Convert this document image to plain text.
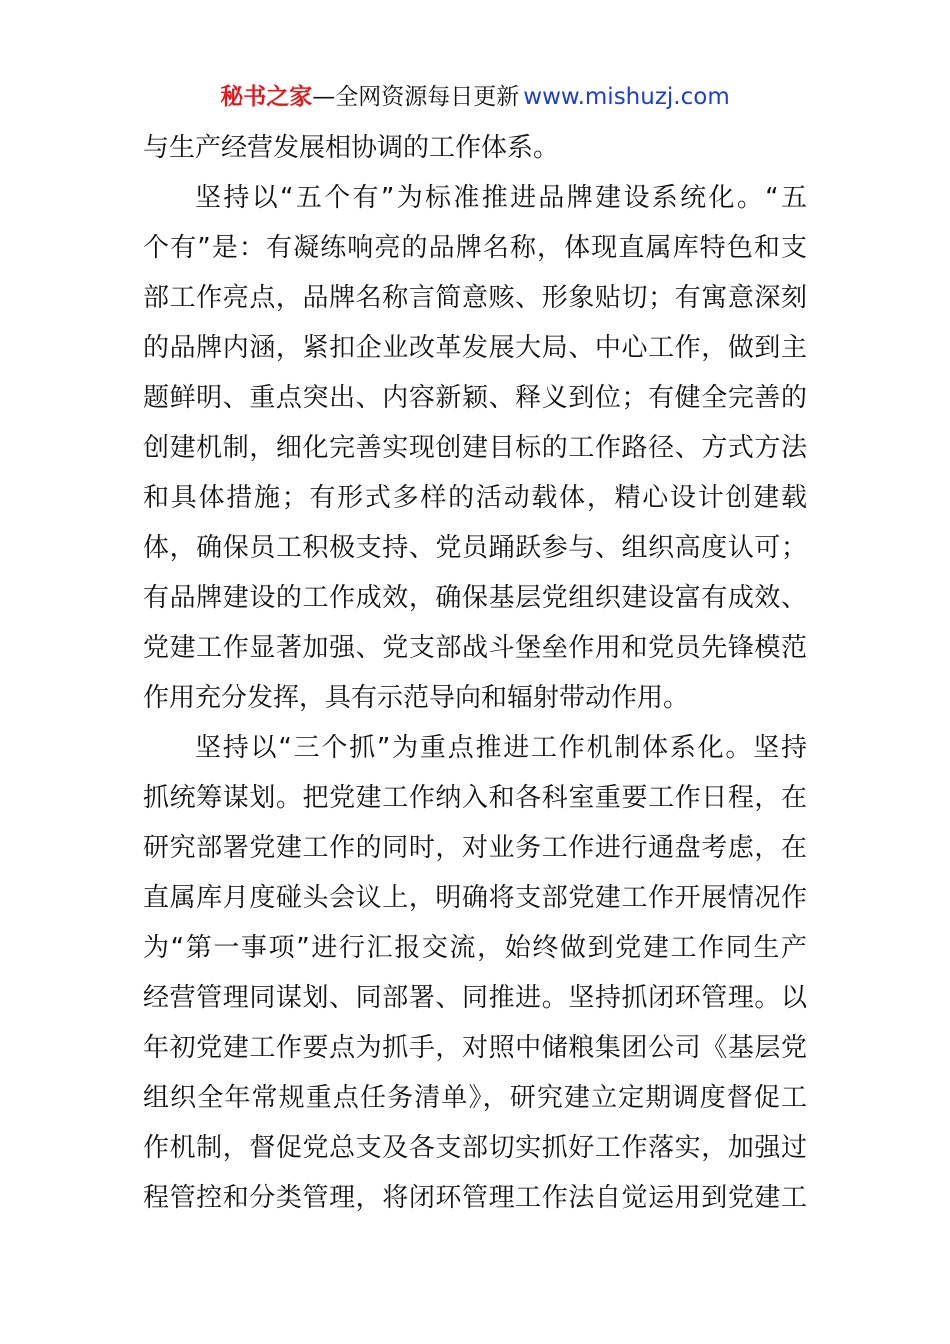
秘书之家—全网资源每日更新 www.mishuzj.com
与生产经营发展相协调的工作体系。
坚持以“五个有”为标准推进品牌建设系统化。“五
个有”是：有凝练响亮的品牌名称，体现直属库特色和支
部工作亮点，品牌名称言简意赅、形象贴切；有寓意深刻
的品牌内涵，紧扣企业改革发展大局、中心工作，做到主
题鲜明、重点突出、内容新颖、释义到位；有健全完善的
创建机制，细化完善实现创建目标的工作路径、方式方法
和具体措施；有形式多样的活动载体，精心设计创建载
体，确保员工积极支持、党员踊跃参与、组织高度认可；
有品牌建设的工作成效，确保基层党组织建设富有成效、
党建工作显著加强、党支部战斗堡垒作用和党员先锋模范
作用充分发挥，具有示范导向和辐射带动作用。
坚持以“三个抓”为重点推进工作机制体系化。坚持
抓统筹谋划。把党建工作纳入和各科室重要工作日程，在
研究部署党建工作的同时，对业务工作进行通盘考虑，在
直属库月度碰头会议上，明确将支部党建工作开展情况作
为“第一事项”进行汇报交流，始终做到党建工作同生产
经营管理同谋划、同部署、同推进。坚持抓闭环管理。以
年初党建工作要点为抓手，对照中储粮集团公司《基层党
组织全年常规重点任务清单》，研究建立定期调度督促工
作机制，督促党总支及各支部切实抓好工作落实，加强过
程管控和分类管理，将闭环管理工作法自觉运用到党建工
